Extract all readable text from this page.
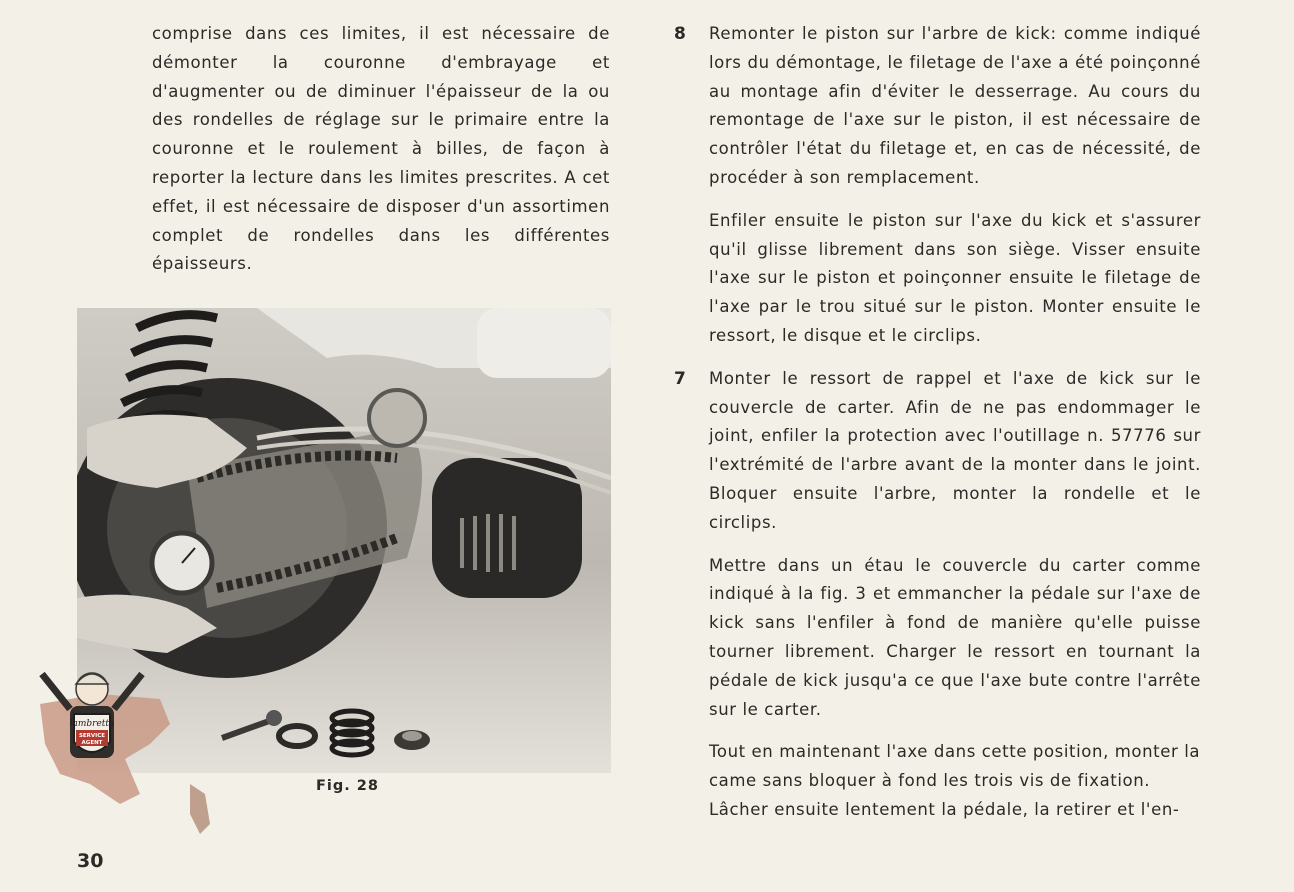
comprise dans ces limites, il est nécessaire de démonter la couronne d'embrayage et d'augmenter ou de diminuer l'épaisseur de la ou des rondelles de réglage sur le primaire entre la couronne et le roulement à billes, de façon à reporter la lecture dans les limites prescrites. A cet effet, il est nécessaire de disposer d'un assortimen complet de rondelles dans les différentes épaisseurs.

Fig. 28
lambretta
SERVICE
AGENT
30
8 Remonter le piston sur l'arbre de kick: comme indiqué lors du démontage, le filetage de l'axe a été poinçonné au montage afin d'éviter le desserrage. Au cours du remontage de l'axe sur le piston, il est nécessaire de contrôler l'état du filetage et, en cas de nécessité, de procéder à son remplacement.

Enfiler ensuite le piston sur l'axe du kick et s'assurer qu'il glisse librement dans son siège. Visser ensuite l'axe sur le piston et poinçonner ensuite le filetage de l'axe par le trou situé sur le piston. Monter ensuite le ressort, le disque et le circlips.

7 Monter le ressort de rappel et l'axe de kick sur le couvercle de carter. Afin de ne pas endommager le joint, enfiler la protection avec l'outillage n. 57776 sur l'extrémité de l'arbre avant de la monter dans le joint. Bloquer ensuite l'arbre, monter la rondelle et le circlips.

Mettre dans un étau le couvercle du carter comme indiqué à la fig. 3 et emmancher la pédale sur l'axe de kick sans l'enfiler à fond de manière qu'elle puisse tourner librement. Charger le ressort en tournant la pédale de kick jusqu'a ce que l'axe bute contre l'arrête sur le carter.

Tout en maintenant l'axe dans cette position, monter la came sans bloquer à fond les trois vis de fixation. Lâcher ensuite lentement la pédale, la retirer et l'en-
